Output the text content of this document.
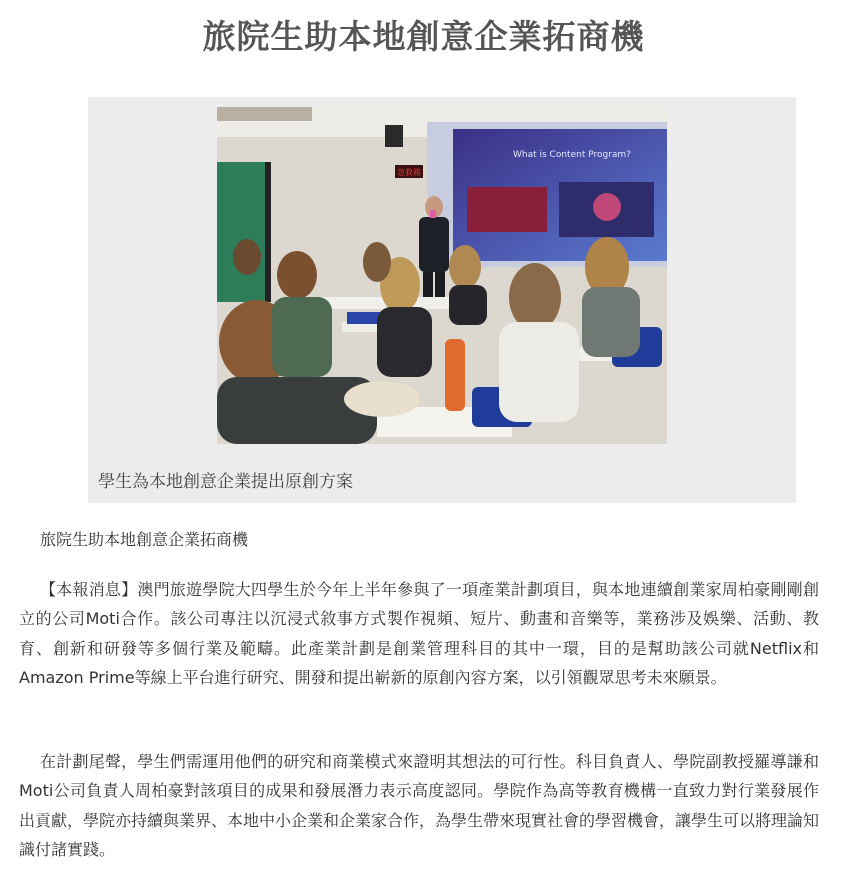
旅院生助本地創意企業拓商機
急救箱
What is Content Program?
學生為本地創意企業提出原創方案
旅院生助本地創意企業拓商機

【本報消息】澳門旅遊學院大四學生於今年上半年參與了一項產業計劃項目，與本地連續創業家周柏豪剛剛創立的公司Moti合作。該公司專注以沉浸式敘事方式製作視頻、短片、動畫和音樂等，業務涉及娛樂、活動、教育、創新和研發等多個行業及範疇。此產業計劃是創業管理科目的其中一環，目的是幫助該公司就Netflix和Amazon Prime等線上平台進行研究、開發和提出嶄新的原創內容方案，以引領觀眾思考未來願景。

在計劃尾聲，學生們需運用他們的研究和商業模式來證明其想法的可行性。科目負責人、學院副教授羅導謙和Moti公司負責人周柏豪對該項目的成果和發展潛力表示高度認同。學院作為高等教育機構一直致力對行業發展作出貢獻，學院亦持續與業界、本地中小企業和企業家合作，為學生帶來現實社會的學習機會，讓學生可以將理論知識付諸實踐。
